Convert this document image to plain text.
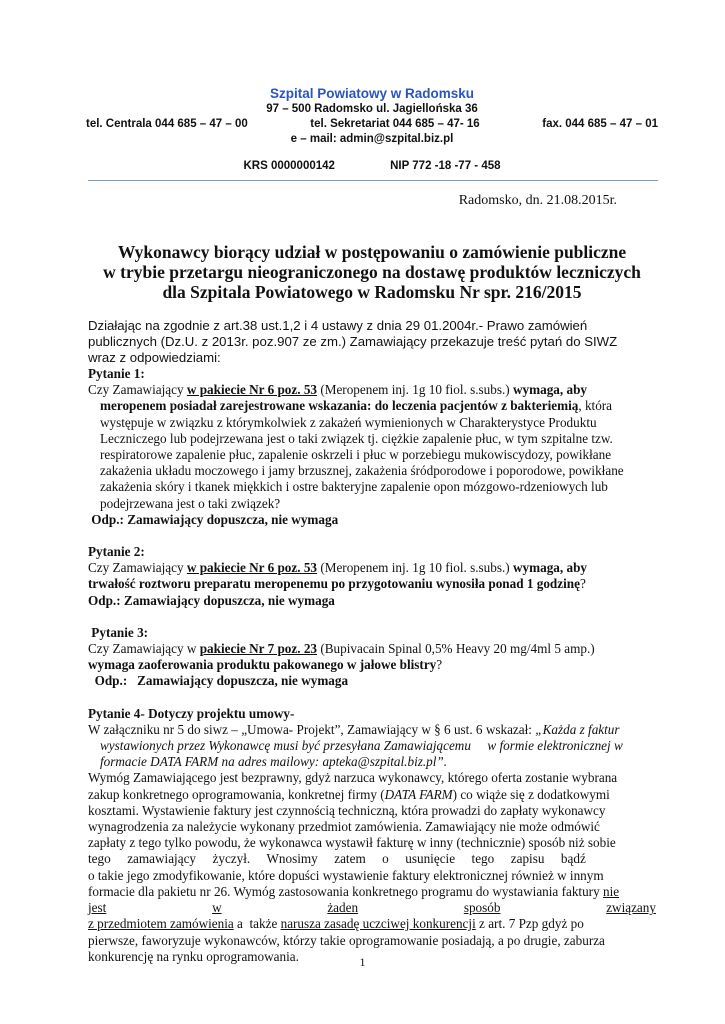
Szpital Powiatowy w Radomsku
97 – 500 Radomsko ul. Jagiellońska 36
tel. Centrala 044 685 – 47 – 00	tel. Sekretariat 044 685 – 47- 16	fax. 044 685 – 47 – 01
e – mail: admin@szpital.biz.pl
KRS 0000000142	NIP 772 -18 -77 - 458
Radomsko, dn. 21.08.2015r.
Wykonawcy biorący udział w postępowaniu o zamówienie publiczne
w trybie przetargu nieograniczonego na dostawę produktów leczniczych
dla Szpitala Powiatowego w Radomsku Nr spr. 216/2015
Działając na zgodnie z art.38 ust.1,2 i 4 ustawy z dnia 29 01.2004r.- Prawo zamówień
publicznych (Dz.U. z 2013r. poz.907 ze zm.) Zamawiający przekazuje treść pytań do SIWZ
wraz z odpowiedziami:
Pytanie 1:
Czy Zamawiający w pakiecie Nr 6 poz. 53 (Meropenem inj. 1g 10 fiol. s.subs.) wymaga, aby
meropenem posiadał zarejestrowane wskazania: do leczenia pacjentów z bakteriemią, która
występuje w związku z którymkolwiek z zakażeń wymienionych w Charakterystyce Produktu
Leczniczego lub podejrzewana jest o taki związek tj. ciężkie zapalenie płuc, w tym szpitalne tzw.
respiratorowe zapalenie płuc, zapalenie oskrzeli i płuc w porzebiegu mukowiscydozy, powikłane
zakażenia układu moczowego i jamy brzusznej, zakażenia śródporodowe i poporodowe, powikłane
zakażenia skóry i tkanek miękkich i ostre bakteryjne zapalenie opon mózgowo-rdzeniowych lub
podejrzewana jest o taki związek?
Odp.: Zamawiający dopuszcza, nie wymaga
Pytanie 2:
Czy Zamawiający w pakiecie Nr 6 poz. 53 (Meropenem inj. 1g 10 fiol. s.subs.) wymaga, aby
trwałość roztworu preparatu meropenemu po przygotowaniu wynosiła ponad 1 godzinę?
Odp.: Zamawiający dopuszcza, nie wymaga
Pytanie 3:
Czy Zamawiający w pakiecie Nr 7 poz. 23 (Bupivacain Spinal 0,5% Heavy 20 mg/4ml 5 amp.)
wymaga zaoferowania produktu pakowanego w jałowe blistry?
Odp.:   Zamawiający dopuszcza, nie wymaga
Pytanie 4- Dotyczy projektu umowy-
W załączniku nr 5 do siwz – „Umowa- Projekt”, Zamawiający w § 6 ust. 6 wskazał: „Każda z faktur
wystawionych przez Wykonawcę musi być przesyłana Zamawiającemu     w formie elektronicznej w
formacie DATA FARM na adres mailowy: apteka@szpital.biz.pl”.
Wymóg Zamawiającego jest bezprawny, gdyż narzuca wykonawcy, którego oferta zostanie wybrana
zakup konkretnego oprogramowania, konkretnej firmy (DATA FARM) co wiąże się z dodatkowymi
kosztami. Wystawienie faktury jest czynnością techniczną, która prowadzi do zapłaty wykonawcy
wynagrodzenia za należycie wykonany przedmiot zamówienia. Zamawiający nie może odmówić
zapłaty z tego tylko powodu, że wykonawca wystawił fakturę w inny (technicznie) sposób niż sobie
tego     zamawiający     życzył.     Wnosimy     zatem     o     usunięcie     tego     zapisu     bądź
o takie jego zmodyfikowanie, które dopuści wystawienie faktury elektronicznej również w innym
formacie dla pakietu nr 26. Wymóg zastosowania konkretnego programu do wystawiania faktury nie
jest	w	żaden	sposób	związany
z przedmiotem zamówienia a  także narusza zasadę uczciwej konkurencji z art. 7 Pzp gdyż po
pierwsze, faworyzuje wykonawców, którzy takie oprogramowanie posiadają, a po drugie, zaburza
konkurencję na rynku oprogramowania.	1
